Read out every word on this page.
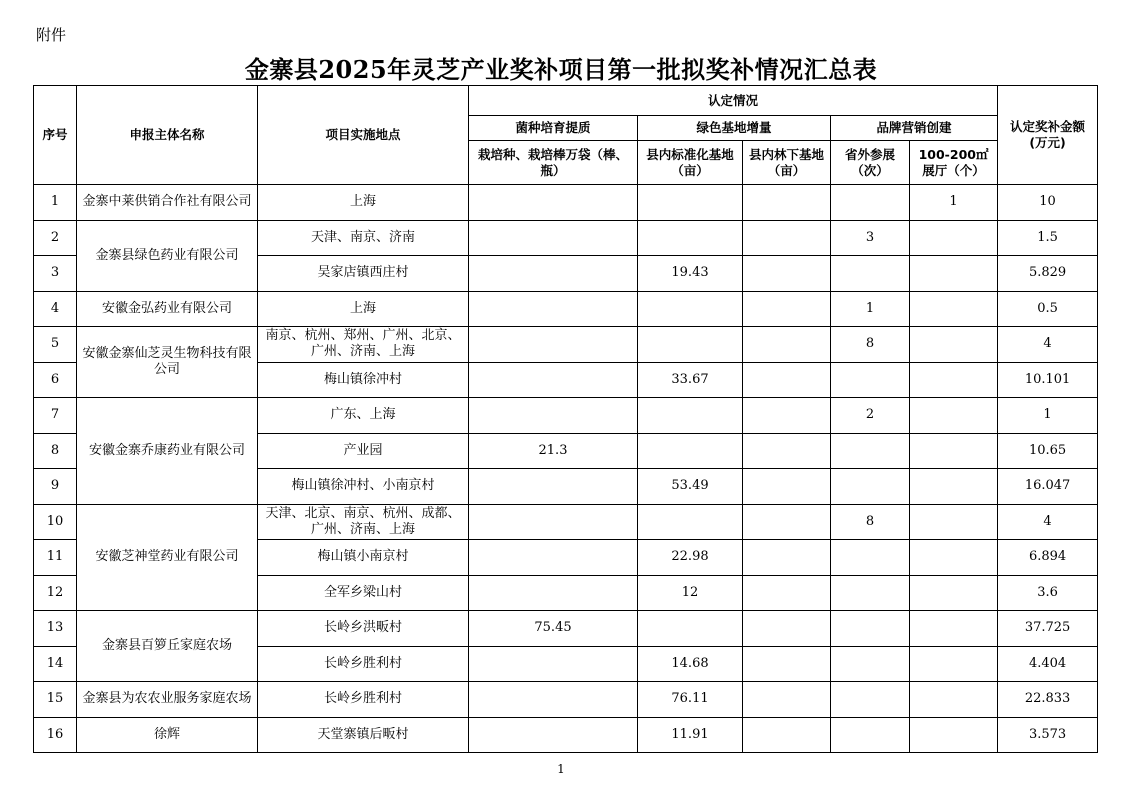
附件
金寨县2025年灵芝产业奖补项目第一批拟奖补情况汇总表
序号	申报主体名称	项目实施地点	认定情况					认定奖补金额(万元)
			菌种培育提质	绿色基地增量		品牌营销创建		
			栽培种、栽培棒万袋（棒、瓶）	县内标准化基地（亩）	县内林下基地（亩）	省外参展（次）	100-200㎡展厅（个）	
1	金寨中莱供销合作社有限公司	上海					1	10
2	金寨县绿色药业有限公司	天津、南京、济南				3		1.5
3		吴家店镇西庄村		19.43				5.829
4	安徽金弘药业有限公司	上海				1		0.5
5	安徽金寨仙芝灵生物科技有限公司	南京、杭州、郑州、广州、北京、广州、济南、上海				8		4
6		梅山镇徐冲村		33.67				10.101
7	安徽金寨乔康药业有限公司	广东、上海				2		1
8		产业园	21.3					10.65
9		梅山镇徐冲村、小南京村		53.49				16.047
10	安徽芝神堂药业有限公司	天津、北京、南京、杭州、成都、广州、济南、上海				8		4
11		梅山镇小南京村		22.98				6.894
12		全军乡梁山村		12				3.6
13	金寨县百箩丘家庭农场	长岭乡洪畈村	75.45					37.725
14		长岭乡胜利村		14.68				4.404
15	金寨县为农农业服务家庭农场	长岭乡胜利村		76.11				22.833
16	徐辉	天堂寨镇后畈村		11.91				3.573
1
